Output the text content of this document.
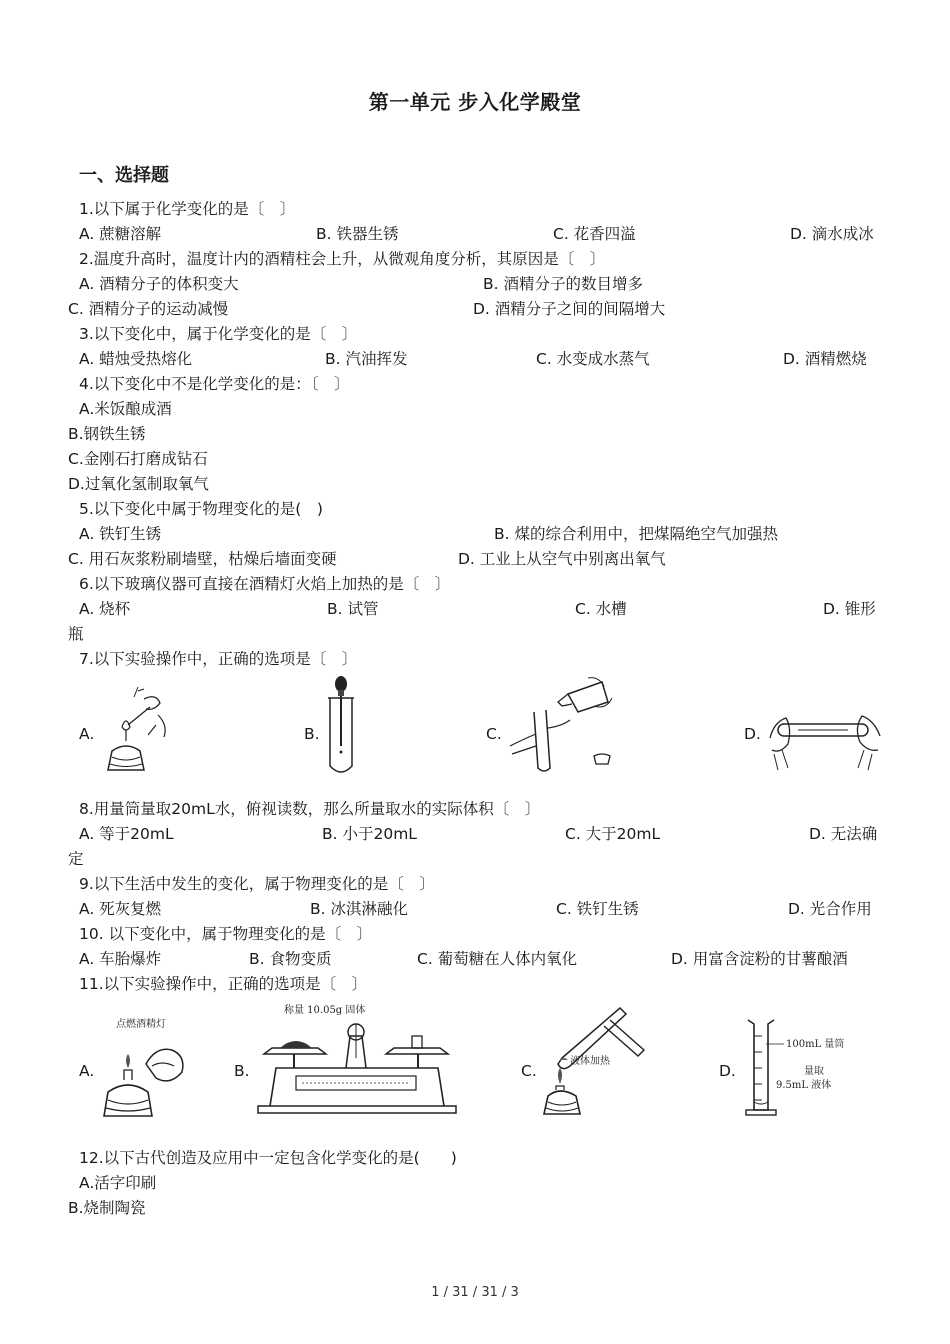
第一单元 步入化学殿堂
一、选择题
1.以下属于化学变化的是〔　〕
A. 蔗糖溶解	B. 铁器生锈	C. 花香四溢	D. 滴水成冰
2.温度升高时，温度计内的酒精柱会上升，从微观角度分析，其原因是〔　〕
A. 酒精分子的体积变大	B. 酒精分子的数目增多
C. 酒精分子的运动减慢	D. 酒精分子之间的间隔增大
3.以下变化中，属于化学变化的是〔　〕
A. 蜡烛受热熔化	B. 汽油挥发	C. 水变成水蒸气	D. 酒精燃烧
4.以下变化中不是化学变化的是：〔　〕
A.米饭酿成酒
B.钢铁生锈
C.金刚石打磨成钻石
D.过氧化氢制取氧气
5.以下变化中属于物理变化的是(　)
A. 铁钉生锈	B. 煤的综合利用中，把煤隔绝空气加强热
C. 用石灰浆粉刷墙壁，枯燥后墙面变硬	D. 工业上从空气中别离出氧气
6.以下玻璃仪器可直接在酒精灯火焰上加热的是〔　〕
A. 烧杯	B. 试管	C. 水槽	D. 锥形
瓶
7.以下实验操作中，正确的选项是〔　〕
A.	B.	C.	D.
8.用量筒量取20mL水，俯视读数，那么所量取水的实际体积〔　〕
A. 等于20mL	B. 小于20mL	C. 大于20mL	D. 无法确
定
9.以下生活中发生的变化，属于物理变化的是〔　〕
A. 死灰复燃	B. 冰淇淋融化	C. 铁钉生锈	D. 光合作用
10. 以下变化中，属于物理变化的是〔　〕
A. 车胎爆炸	B. 食物变质	C. 葡萄糖在人体内氧化	D. 用富含淀粉的甘薯酿酒
11.以下实验操作中，正确的选项是〔　〕
A.	B.	C.	D.
点燃酒精灯
称量 10.05g 固体
液体加热
100mL 量筒
量取
9.5mL 液体
12.以下古代创造及应用中一定包含化学变化的是(　　)
A.活字印刷
B.烧制陶瓷
1 / 31 / 31 / 3
